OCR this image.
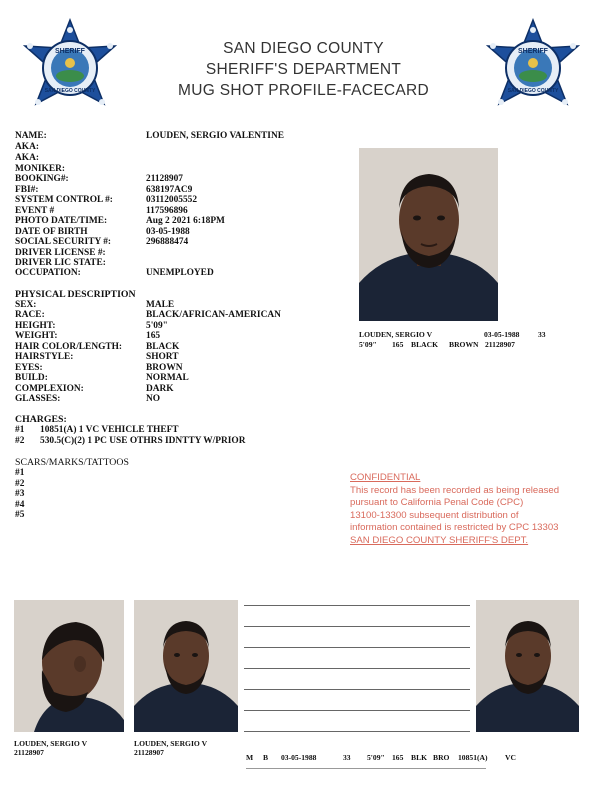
SHERIFF
SAN DIEGO COUNTY
SHERIFF
SAN DIEGO COUNTY
SAN DIEGO COUNTY
SHERIFF'S DEPARTMENT
MUG SHOT PROFILE-FACECARD
NAME:	LOUDEN, SERGIO VALENTINE
AKA:
AKA:
MONIKER:
BOOKING#:	21128907
FBI#:	638197AC9
SYSTEM CONTROL #:	03112005552
EVENT #	117596896
PHOTO DATE/TIME:	Aug 2 2021 6:18PM
DATE OF BIRTH	03-05-1988
SOCIAL SECURITY #:	296888474
DRIVER LICENSE #:
DRIVER LIC STATE:
OCCUPATION:	UNEMPLOYED
PHYSICAL DESCRIPTION
SEX:	MALE
RACE:	BLACK/AFRICAN-AMERICAN
HEIGHT:	5'09"
WEIGHT:	165
HAIR COLOR/LENGTH:	BLACK
HAIRSTYLE:	SHORT
EYES:	BROWN
BUILD:	NORMAL
COMPLEXION:	DARK
GLASSES:	NO
CHARGES:
#1 10851(A) 1 VC VEHICLE THEFT
#2 530.5(C)(2) 1 PC USE OTHRS IDNTTY W/PRIOR
SCARS/MARKS/TATTOOS
#1
#2
#3
#4
#5
LOUDEN, SERGIO V	03-05-1988 33
5'09" 165 BLACK BROWN 21128907
CONFIDENTIAL
This record has been recorded as being released
pursuant to California Penal Code (CPC)
13100-13300 subsequent distribution of
information contained is restricted by CPC 13303
SAN DIEGO COUNTY SHERIFF'S DEPT.
LOUDEN, SERGIO V
21128907
LOUDEN, SERGIO V
21128907
M B 03-05-1988	33 5'09" 165 BLK BRO 10851(A) VC
